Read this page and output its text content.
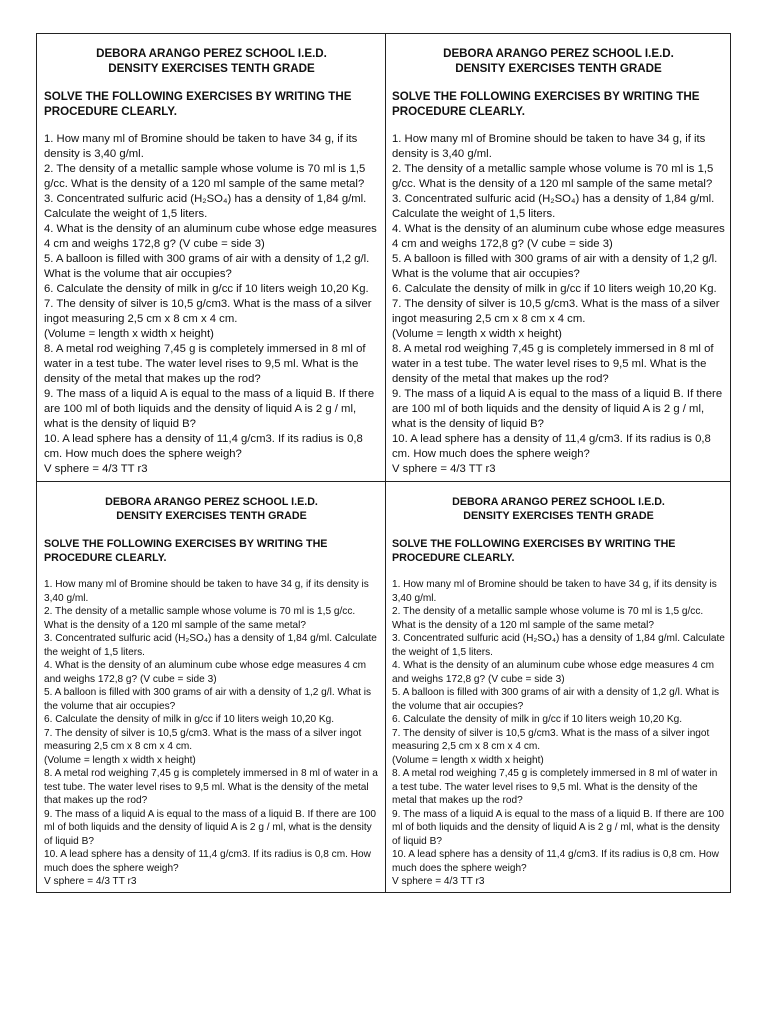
DEBORA ARANGO PEREZ SCHOOL I.E.D.
DENSITY EXERCISES TENTH GRADE
SOLVE THE FOLLOWING EXERCISES BY WRITING THE PROCEDURE CLEARLY.

1. How many ml of Bromine should be taken to have 34 g, if its density is 3,40 g/ml.

2. The density of a metallic sample whose volume is 70 ml is 1,5 g/cc. What is the density of a 120 ml sample of the same metal?

3. Concentrated sulfuric acid (H₂SO₄) has a density of 1,84 g/ml. Calculate the weight of 1,5 liters.

4. What is the density of an aluminum cube whose edge measures 4 cm and weighs 172,8 g? (V cube = side 3)

5. A balloon is filled with 300 grams of air with a density of 1,2 g/l. What is the volume that air occupies?

6. Calculate the density of milk in g/cc if 10 liters weigh 10,20 Kg.

7. The density of silver is 10,5 g/cm3. What is the mass of a silver ingot measuring 2,5 cm x 8 cm x 4 cm.

(Volume = length x width x height)

8. A metal rod weighing 7,45 g is completely immersed in 8 ml of water in a test tube. The water level rises to 9,5 ml. What is the density of the metal that makes up the rod?

9. The mass of a liquid A is equal to the mass of a liquid B. If there are 100 ml of both liquids and the density of liquid A is 2 g / ml, what is the density of liquid B?

10. A lead sphere has a density of 11,4 g/cm3. If its radius is 0,8 cm. How much does the sphere weigh?

V sphere = 4/3 TT r3

DEBORA ARANGO PEREZ SCHOOL I.E.D.
DENSITY EXERCISES TENTH GRADE
SOLVE THE FOLLOWING EXERCISES BY WRITING THE PROCEDURE CLEARLY.

1. How many ml of Bromine should be taken to have 34 g, if its density is 3,40 g/ml.

2. The density of a metallic sample whose volume is 70 ml is 1,5 g/cc. What is the density of a 120 ml sample of the same metal?

3. Concentrated sulfuric acid (H₂SO₄) has a density of 1,84 g/ml. Calculate the weight of 1,5 liters.

4. What is the density of an aluminum cube whose edge measures 4 cm and weighs 172,8 g? (V cube = side 3)

5. A balloon is filled with 300 grams of air with a density of 1,2 g/l. What is the volume that air occupies?

6. Calculate the density of milk in g/cc if 10 liters weigh 10,20 Kg.

7. The density of silver is 10,5 g/cm3. What is the mass of a silver ingot measuring 2,5 cm x 8 cm x 4 cm.

(Volume = length x width x height)

8. A metal rod weighing 7,45 g is completely immersed in 8 ml of water in a test tube. The water level rises to 9,5 ml. What is the density of the metal that makes up the rod?

9. The mass of a liquid A is equal to the mass of a liquid B. If there are 100 ml of both liquids and the density of liquid A is 2 g / ml, what is the density of liquid B?

10. A lead sphere has a density of 11,4 g/cm3. If its radius is 0,8 cm. How much does the sphere weigh?

V sphere = 4/3 TT r3

DEBORA ARANGO PEREZ SCHOOL I.E.D.
DENSITY EXERCISES TENTH GRADE
SOLVE THE FOLLOWING EXERCISES BY WRITING THE PROCEDURE CLEARLY.

1. How many ml of Bromine should be taken to have 34 g, if its density is 3,40 g/ml.

2. The density of a metallic sample whose volume is 70 ml is 1,5 g/cc. What is the density of a 120 ml sample of the same metal?

3. Concentrated sulfuric acid (H₂SO₄) has a density of 1,84 g/ml. Calculate the weight of 1,5 liters.

4. What is the density of an aluminum cube whose edge measures 4 cm and weighs 172,8 g? (V cube = side 3)

5. A balloon is filled with 300 grams of air with a density of 1,2 g/l. What is the volume that air occupies?

6. Calculate the density of milk in g/cc if 10 liters weigh 10,20 Kg.

7. The density of silver is 10,5 g/cm3. What is the mass of a silver ingot measuring 2,5 cm x 8 cm x 4 cm.

(Volume = length x width x height)

8. A metal rod weighing 7,45 g is completely immersed in 8 ml of water in a test tube. The water level rises to 9,5 ml. What is the density of the metal that makes up the rod?

9. The mass of a liquid A is equal to the mass of a liquid B. If there are 100 ml of both liquids and the density of liquid A is 2 g / ml, what is the density of liquid B?

10. A lead sphere has a density of 11,4 g/cm3. If its radius is 0,8 cm. How much does the sphere weigh?

V sphere = 4/3 TT r3

DEBORA ARANGO PEREZ SCHOOL I.E.D.
DENSITY EXERCISES TENTH GRADE
SOLVE THE FOLLOWING EXERCISES BY WRITING THE PROCEDURE CLEARLY.

1. How many ml of Bromine should be taken to have 34 g, if its density is 3,40 g/ml.

2. The density of a metallic sample whose volume is 70 ml is 1,5 g/cc. What is the density of a 120 ml sample of the same metal?

3. Concentrated sulfuric acid (H₂SO₄) has a density of 1,84 g/ml. Calculate the weight of 1,5 liters.

4. What is the density of an aluminum cube whose edge measures 4 cm and weighs 172,8 g? (V cube = side 3)

5. A balloon is filled with 300 grams of air with a density of 1,2 g/l. What is the volume that air occupies?

6. Calculate the density of milk in g/cc if 10 liters weigh 10,20 Kg.

7. The density of silver is 10,5 g/cm3. What is the mass of a silver ingot measuring 2,5 cm x 8 cm x 4 cm.

(Volume = length x width x height)

8. A metal rod weighing 7,45 g is completely immersed in 8 ml of water in a test tube. The water level rises to 9,5 ml. What is the density of the metal that makes up the rod?

9. The mass of a liquid A is equal to the mass of a liquid B. If there are 100 ml of both liquids and the density of liquid A is 2 g / ml, what is the density of liquid B?

10. A lead sphere has a density of 11,4 g/cm3. If its radius is 0,8 cm. How much does the sphere weigh?

V sphere = 4/3 TT r3
